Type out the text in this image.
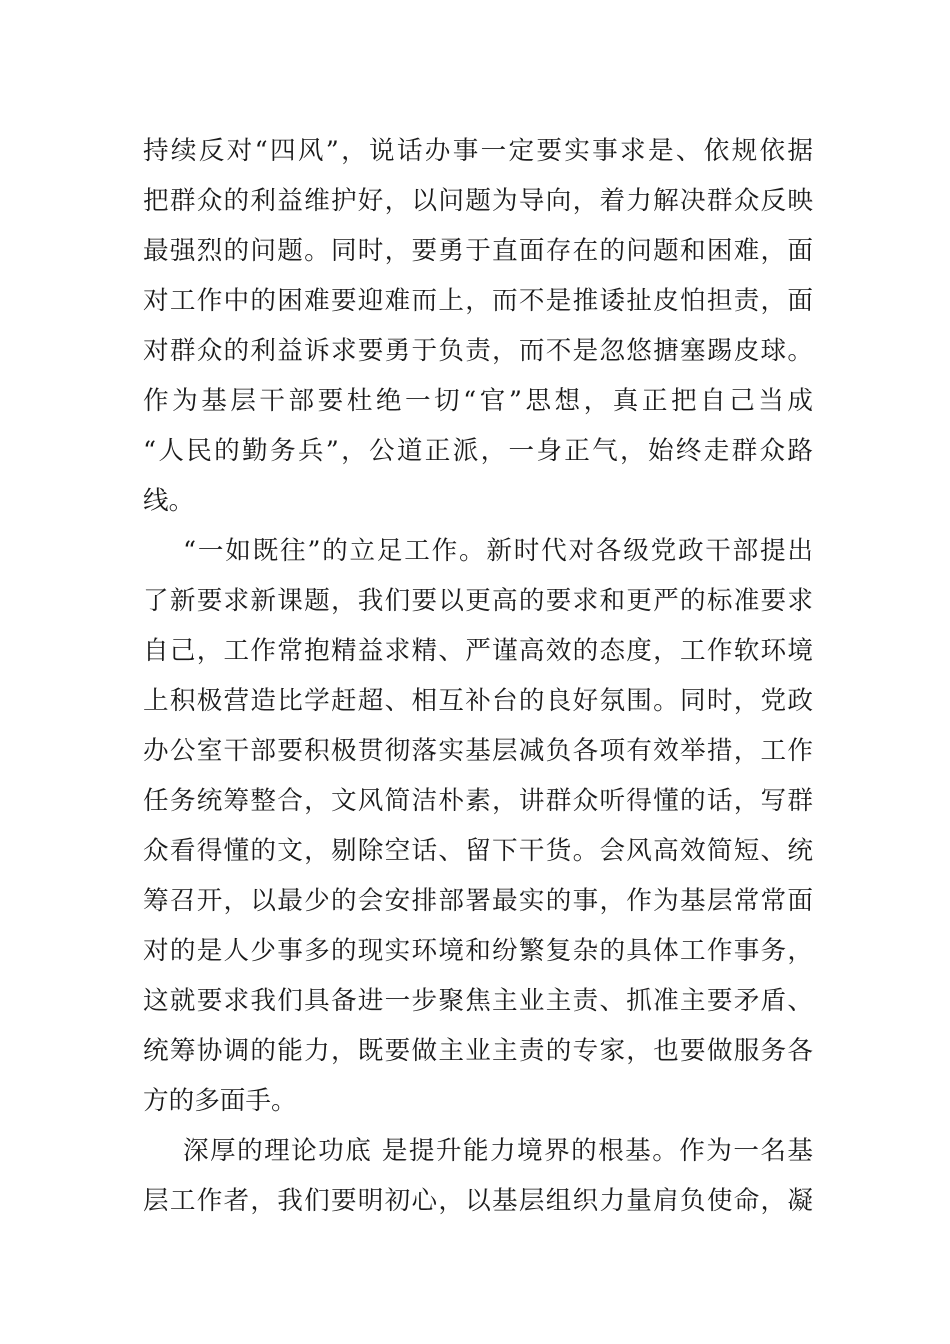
持续反对“四风”，说话办事一定要实事求是、依规依据
把群众的利益维护好，以问题为导向，着力解决群众反映
最强烈的问题。同时，要勇于直面存在的问题和困难，面
对工作中的困难要迎难而上，而不是推诿扯皮怕担责，面
对群众的利益诉求要勇于负责，而不是忽悠搪塞踢皮球。
作为基层干部要杜绝一切“官”思想，真正把自己当成
“人民的勤务兵”，公道正派，一身正气，始终走群众路
线。
“一如既往”的立足工作。新时代对各级党政干部提出
了新要求新课题，我们要以更高的要求和更严的标准要求
自己，工作常抱精益求精、严谨高效的态度，工作软环境
上积极营造比学赶超、相互补台的良好氛围。同时，党政
办公室干部要积极贯彻落实基层减负各项有效举措，工作
任务统筹整合，文风简洁朴素，讲群众听得懂的话，写群
众看得懂的文，剔除空话、留下干货。会风高效简短、统
筹召开，以最少的会安排部署最实的事，作为基层常常面
对的是人少事多的现实环境和纷繁复杂的具体工作事务，
这就要求我们具备进一步聚焦主业主责、抓准主要矛盾、
统筹协调的能力，既要做主业主责的专家，也要做服务各
方的多面手。
深厚的理论功底 是提升能力境界的根基。作为一名基
层工作者，我们要明初心，以基层组织力量肩负使命，凝
